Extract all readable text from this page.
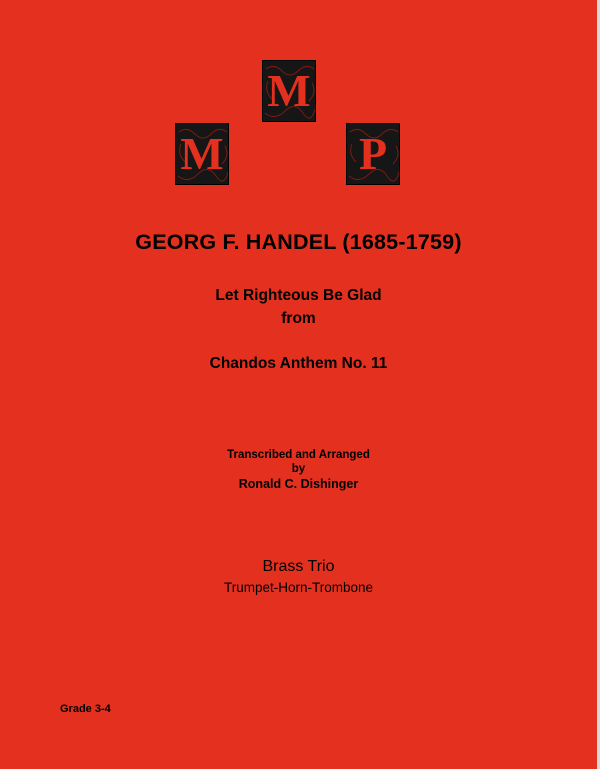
M
M
P
GEORG F. HANDEL (1685-1759)
Let Righteous Be Glad
from
Chandos Anthem No. 11
Transcribed and Arranged
by
Ronald C. Dishinger
Brass Trio
Trumpet-Horn-Trombone
Grade 3-4
